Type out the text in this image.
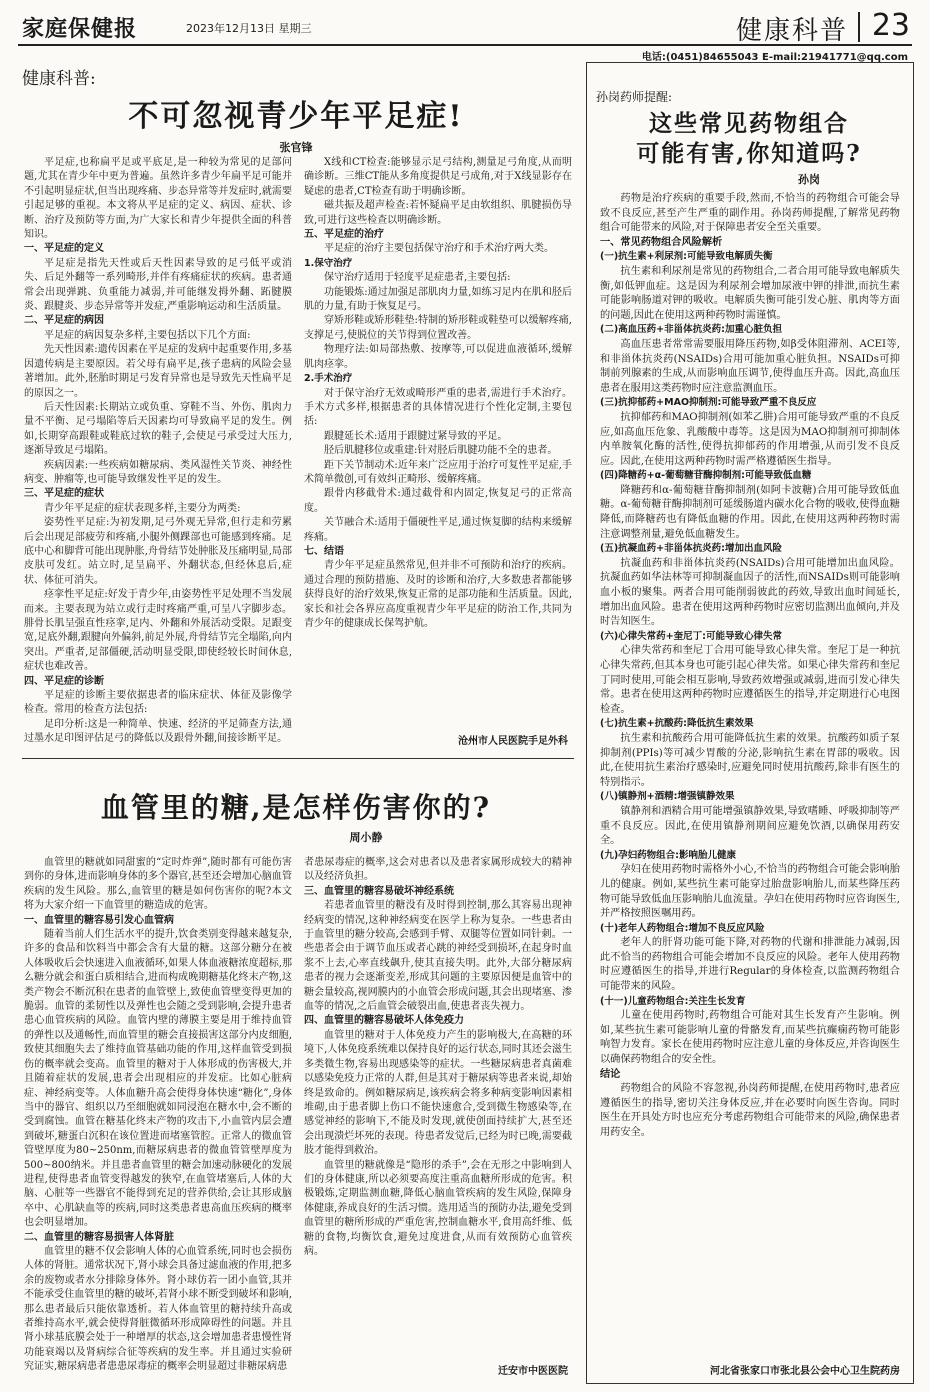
家庭保健报	2023年12月13日 星期三	健康科普 23
电话:(0451)84655043 E-mail:21941771@qq.com
健康科普:
不可忽视青少年平足症!
张官锋

平足症,也称扁平足或平底足,是一种较为常见的足部问题,尤其在青少年中更为普遍。虽然许多青少年扁平足可能并不引起明显症状,但当出现疼痛、步态异常等并发症时,就需要引起足够的重视。本文将从平足症的定义、病因、症状、诊断、治疗及预防等方面,为广大家长和青少年提供全面的科普知识。

一、平足症的定义

平足症是指先天性或后天性因素导致的足弓低平或消失、后足外翻等一系列畸形,并伴有疼痛症状的疾病。患者通常会出现弹跳、负重能力减弱,并可能继发拇外翻、跖腱膜炎、跟腱炎、步态异常等并发症,严重影响运动和生活质量。

二、平足症的病因

平足症的病因复杂多样,主要包括以下几个方面:

先天性因素:遗传因素在平足症的发病中起重要作用,多基因遗传病是主要原因。若父母有扁平足,孩子患病的风险会显著增加。此外,胚胎时期足弓发育异常也是导致先天性扁平足的原因之一。

后天性因素:长期站立或负重、穿鞋不当、外伤、肌肉力量不平衡、足弓塌陷等后天因素均可导致扁平足的发生。例如,长期穿高跟鞋或鞋底过软的鞋子,会使足弓承受过大压力,逐渐导致足弓塌陷。

疾病因素:一些疾病如糖尿病、类风湿性关节炎、神经性病变、肿瘤等,也可能导致继发性平足的发生。

三、平足症的症状

青少年平足症的症状表现多样,主要分为两类:

姿势性平足症:为初发期,足弓外观无异常,但行走和劳累后会出现足部疲劳和疼痛,小腿外侧踝部也可能感到疼痛。足底中心和脚背可能出现肿胀,舟骨结节处肿胀及压痛明显,局部皮肤可发红。站立时,足呈扁平、外翻状态,但经休息后,症状、体征可消失。

痉挛性平足症:好发于青少年,由姿势性平足处理不当发展而来。主要表现为站立或行走时疼痛严重,可呈八字脚步态。腓骨长肌呈强直性痉挛,足内、外翻和外展活动受限。足跟变宽,足底外翻,跟腱向外偏斜,前足外展,舟骨结节完全塌陷,向内突出。严重者,足部僵硬,活动明显受限,即使经较长时间休息,症状也难改善。

四、平足症的诊断

平足症的诊断主要依据患者的临床症状、体征及影像学检查。常用的检查方法包括:

足印分析:这是一种简单、快速、经济的平足筛查方法,通过墨水足印图评估足弓的降低以及跟骨外翻,间接诊断平足。

X线和CT检查:能够显示足弓结构,测量足弓角度,从而明确诊断。三维CT能从多角度提供足弓成角,对于X线显影存在疑虑的患者,CT检查有助于明确诊断。

磁共振及超声检查:若怀疑扁平足由软组织、肌腱损伤导致,可进行这些检查以明确诊断。

五、平足症的治疗

平足症的治疗主要包括保守治疗和手术治疗两大类。

1.保守治疗

保守治疗适用于轻度平足症患者,主要包括:

功能锻炼:通过加强足部肌肉力量,如练习足内在肌和胫后肌的力量,有助于恢复足弓。

穿矫形鞋或矫形鞋垫:特制的矫形鞋或鞋垫可以缓解疼痛,支撑足弓,使脱位的关节得到位置改善。

物理疗法:如局部热敷、按摩等,可以促进血液循环,缓解肌肉痉挛。

2.手术治疗

对于保守治疗无效或畸形严重的患者,需进行手术治疗。手术方式多样,根据患者的具体情况进行个性化定制,主要包括:

跟腱延长术:适用于跟腱过紧导致的平足。

胫后肌腱移位或重建:针对胫后肌腱功能不全的患者。

距下关节制动术:近年来广泛应用于治疗可复性平足症,手术简单微创,可有效纠正畸形、缓解疼痛。

跟骨内移截骨术:通过截骨和内固定,恢复足弓的正常高度。

关节融合术:适用于僵硬性平足,通过恢复脚的结构来缓解疼痛。

七、结语

青少年平足症虽然常见,但并非不可预防和治疗的疾病。通过合理的预防措施、及时的诊断和治疗,大多数患者都能够获得良好的治疗效果,恢复正常的足部功能和生活质量。因此,家长和社会各界应高度重视青少年平足症的防治工作,共同为青少年的健康成长保驾护航。

沧州市人民医院手足外科
血管里的糖,是怎样伤害你的?
周小静

血管里的糖就如同甜蜜的“定时炸弹”,随时都有可能伤害到你的身体,进而影响身体的多个器官,甚至还会增加心脑血管疾病的发生风险。那么,血管里的糖是如何伤害你的呢?本文将为大家介绍一下血管里的糖造成的危害。

一、血管里的糖容易引发心血管病

随着当前人们生活水平的提升,饮食类别变得越来越复杂,许多的食品和饮料当中都会含有大量的糖。这部分糖分在被人体吸收后会快速进入血液循环,如果人体血液糖浓度超标,那么糖分就会和蛋白质相结合,进而构成晚期糖基化终末产物,这类产物会不断沉积在患者的血管壁上,致使血管壁变得更加的脆弱。血管的柔韧性以及弹性也会随之受到影响,会提升患者患心血管疾病的风险。血管内壁的薄膜主要是用于维持血管的弹性以及通畅性,而血管里的糖会直接损害这部分内皮细胞,致使其细胞失去了维持血管基础功能的作用,这样血管受到损伤的概率就会变高。血管里的糖对于人体形成的伤害极大,并且随着症状的发展,患者会出现相应的并发症。比如心脏病症、神经病变等。人体血糖升高会使得身体快速“糖化”,身体当中的器官、组织以乃至细胞就如同浸泡在糖水中,会不断的受到腐蚀。血管在糖基化终末产物的攻击下,小血管内层会遭到破坏,糖蛋白沉积在该位置进而堵塞管腔。正常人的微血管管壁厚度为80~250nm,而糖尿病患者的微血管管壁厚度为500~800纳米。并且患者血管里的糖会加速动脉硬化的发展进程,使得患者血管变得越发的狭窄,在血管堵塞后,人体的大脑、心脏等一些器官不能得到充足的营养供给,会让其形成脑卒中、心肌缺血等的疾病,同时这类患者患高血压疾病的概率也会明显增加。

二、血管里的糖容易损害人体肾脏

血管里的糖不仅会影响人体的心血管系统,同时也会损伤人体的肾脏。通常状况下,肾小球会具备过滤血液的作用,把多余的废物或者水分排除身体外。肾小球仿若一团小血管,其并不能承受住血管里的糖的破坏,若肾小球不断受到破坏和影响,那么患者最后只能依靠透析。若人体血管里的糖持续升高或者维持高水平,就会使得肾脏微循环形成障碍性的问题。并且肾小球基底膜会处于一种增厚的状态,这会增加患者患慢性肾功能衰竭以及肾病综合征等疾病的发生率。并且通过实验研究证实,糖尿病患者患患尿毒症的概率会明显超过非糖尿病患

者患尿毒症的概率,这会对患者以及患者家属形成较大的精神以及经济负担。

三、血管里的糖容易破坏神经系统

若患者血管里的糖没有及时得到控制,那么其容易出现神经病变的情况,这种神经病变在医学上称为复杂。一些患者由于血管里的糖分较高,会感到手臂、双腿等位置如同针刺。一些患者会由于调节血压或者心跳的神经受到损坏,在起身时血浆不上去,心率直线飙升,使其直接失明。此外,大部分糖尿病患者的视力会逐渐变差,形成其问题的主要原因便是血管中的糖会量较高,视网膜内的小血管会形成问题,其会出现堵塞、渗血等的情况,之后血管会破裂出血,使患者丧失视力。

四、血管里的糖容易破坏人体免疫力

血管里的糖对于人体免疫力产生的影响极大,在高糖的环境下,人体免疫系统难以保持良好的运行状态,同时其还会滋生多类微生物,容易出现感染等的症状。一些糖尿病患者真菌难以感染免疫力正常的人群,但是其对于糖尿病等患者来说,却始终是致命的。例如糖尿病足,该疾病会将多种病变影响因素相堆砌,由于患者脚上伤口不能快速愈合,受到微生物感染等,在感觉神经的影响下,不能及时发现,就使创面持续扩大,甚至还会出现溃烂坏死的表现。待患者发觉后,已经为时已晚,需要截肢才能得到救治。

血管里的糖就像是“隐形的杀手”,会在无形之中影响到人们的身体健康,所以必须要高度注重高血糖所形成的危害。积极锻炼,定期监测血糖,降低心脑血管疾病的发生风险,保障身体健康,养成良好的生活习惯。选用适当的预防办法,避免受到血管里的糖所形成的严重危害,控制血糖水平,食用高纤维、低糖的食物,均衡饮食,避免过度进食,从而有效预防心血管疾病。

迁安市中医医院
孙岗药师提醒:
这些常见药物组合
可能有害,你知道吗?
孙岗

药物是治疗疾病的重要手段,然而,不恰当的药物组合可能会导致不良反应,甚至产生严重的副作用。孙岗药师提醒,了解常见药物组合可能带来的风险,对于保障患者安全至关重要。

一、常见药物组合风险解析

(一)抗生素+利尿剂:可能导致电解质失衡

抗生素和利尿剂是常见的药物组合,二者合用可能导致电解质失衡,如低钾血症。这是因为利尿剂会增加尿液中钾的排泄,而抗生素可能影响肠道对钾的吸收。电解质失衡可能引发心脏、肌肉等方面的问题,因此在使用这两种药物时需谨慎。

(二)高血压药+非甾体抗炎药:加重心脏负担

高血压患者常常需要服用降压药物,如β受体阻滞剂、ACEI等,和非甾体抗炎药(NSAIDs)合用可能加重心脏负担。NSAIDs可抑制前列腺素的生成,从而影响血压调节,使得血压升高。因此,高血压患者在服用这类药物时应注意监测血压。

(三)抗抑郁药+MAO抑制剂:可能导致严重不良反应

抗抑郁药和MAO抑制剂(如苯乙肼)合用可能导致严重的不良反应,如高血压危象、乳酸酸中毒等。这是因为MAO抑制剂可抑制体内单胺氧化酶的活性,使得抗抑郁药的作用增强,从而引发不良反应。因此,在使用这两种药物时需严格遵循医生指导。

(四)降糖药+α-葡萄糖苷酶抑制剂:可能导致低血糖

降糖药和α-葡萄糖苷酶抑制剂(如阿卡波糖)合用可能导致低血糖。α-葡萄糖苷酶抑制剂可延缓肠道内碳水化合物的吸收,使得血糖降低,而降糖药也有降低血糖的作用。因此,在使用这两种药物时需注意调整剂量,避免低血糖发生。

(五)抗凝血药+非甾体抗炎药:增加出血风险

抗凝血药和非甾体抗炎药(NSAIDs)合用可能增加出血风险。抗凝血药如华法林等可抑制凝血因子的活性,而NSAIDs则可能影响血小板的聚集。两者合用可能削弱彼此的药效,导致出血时间延长,增加出血风险。患者在使用这两种药物时应密切监测出血倾向,并及时告知医生。

(六)心律失常药+奎尼丁:可能导致心律失常

心律失常药和奎尼丁合用可能导致心律失常。奎尼丁是一种抗心律失常药,但其本身也可能引起心律失常。如果心律失常药和奎尼丁同时使用,可能会相互影响,导致药效增强或减弱,进而引发心律失常。患者在使用这两种药物时应遵循医生的指导,并定期进行心电图检查。

(七)抗生素+抗酸药:降低抗生素效果

抗生素和抗酸药合用可能降低抗生素的效果。抗酸药如质子泵抑制剂(PPIs)等可减少胃酸的分泌,影响抗生素在胃部的吸收。因此,在使用抗生素治疗感染时,应避免同时使用抗酸药,除非有医生的特别指示。

(八)镇静剂+酒精:增强镇静效果

镇静剂和酒精合用可能增强镇静效果,导致嗜睡、呼吸抑制等严重不良反应。因此,在使用镇静剂期间应避免饮酒,以确保用药安全。

(九)孕妇药物组合:影响胎儿健康

孕妇在使用药物时需格外小心,不恰当的药物组合可能会影响胎儿的健康。例如,某些抗生素可能穿过胎盘影响胎儿,而某些降压药物可能导致低血压影响胎儿血流量。孕妇在使用药物时应咨询医生,并严格按照医嘱用药。

(十)老年人药物组合:增加不良反应风险

老年人的肝肾功能可能下降,对药物的代谢和排泄能力减弱,因此不恰当的药物组合可能会增加不良反应的风险。老年人使用药物时应遵循医生的指导,并进行Regular的身体检查,以监测药物组合可能带来的风险。

(十一)儿童药物组合:关注生长发育

儿童在使用药物时,药物组合可能对其生长发育产生影响。例如,某些抗生素可能影响儿童的骨骼发育,而某些抗癫痫药物可能影响智力发育。家长在使用药物时应注意儿童的身体反应,并咨询医生以确保药物组合的安全性。

结论

药物组合的风险不容忽视,孙岗药师提醒,在使用药物时,患者应遵循医生的指导,密切关注身体反应,并在必要时向医生咨询。同时医生在开具处方时也应充分考虑药物组合可能带来的风险,确保患者用药安全。

河北省张家口市张北县公会中心卫生院药房
